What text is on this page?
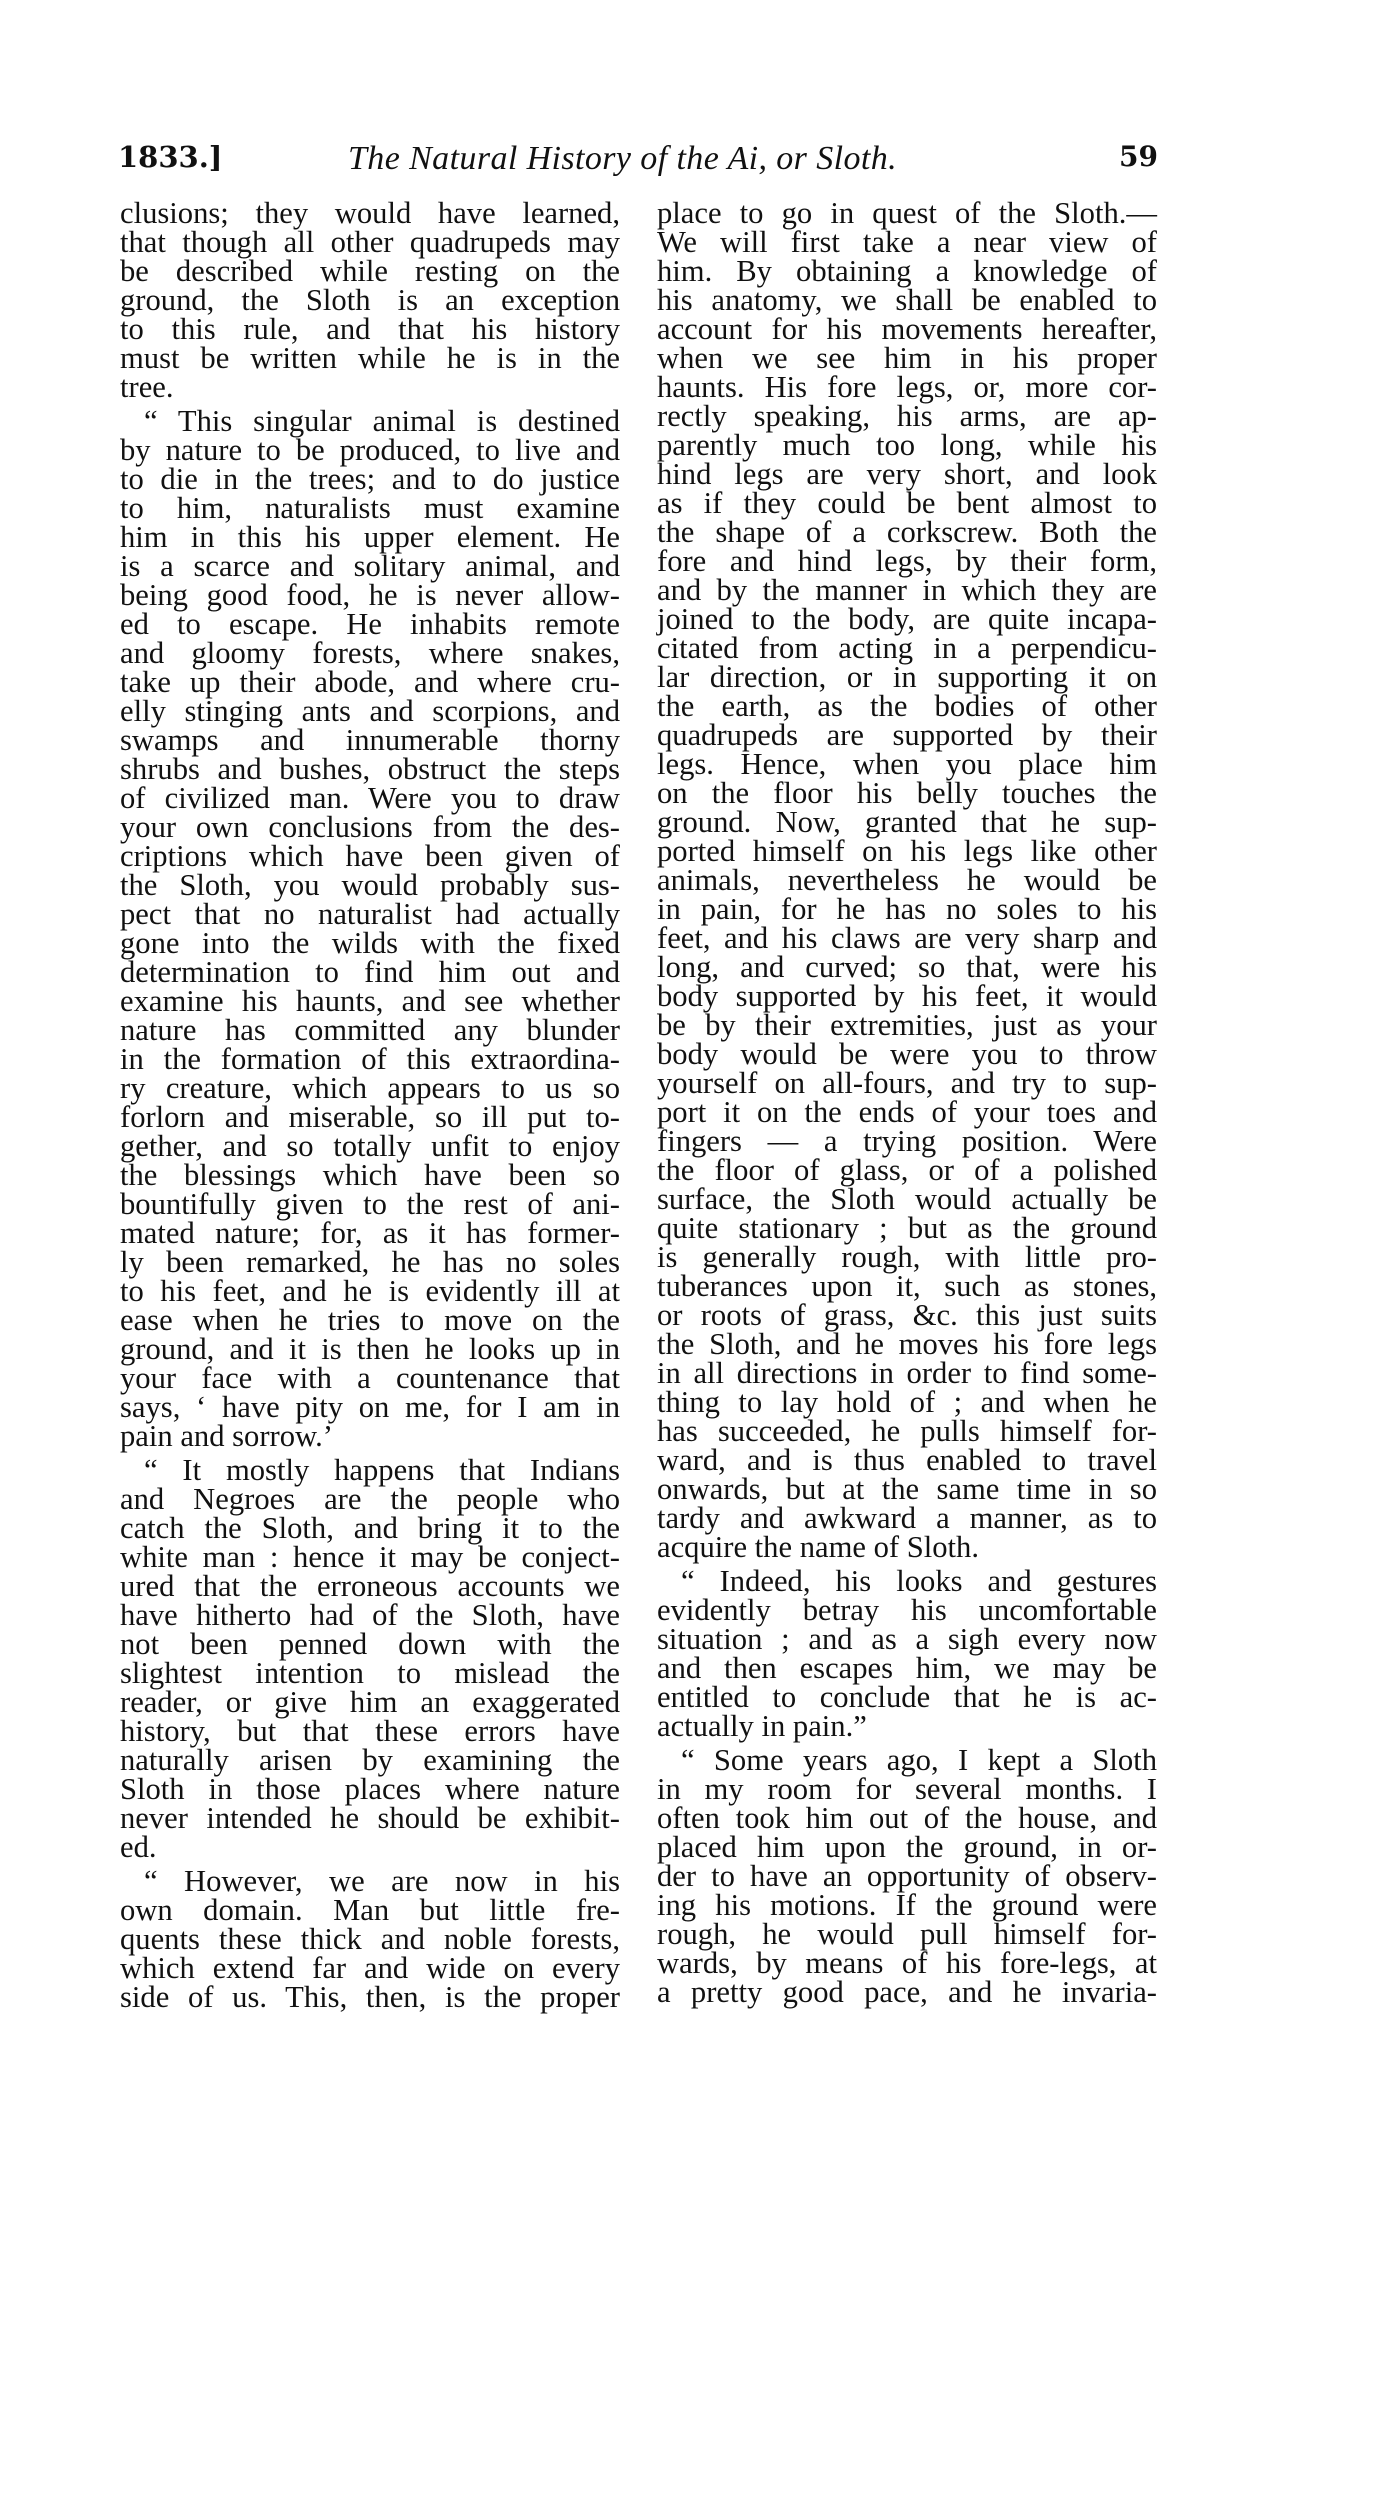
1833.]	The Natural History of the Ai, or Sloth.	59
clusions; they would have learned,
that though all other quadrupeds may
be described while resting on the
ground, the Sloth is an exception
to this rule, and that his history
must be written while he is in the
tree.
“ This singular animal is destined
by nature to be produced, to live and
to die in the trees; and to do justice
to him, naturalists must examine
him in this his upper element. He
is a scarce and solitary animal, and
being good food, he is never allow-
ed to escape. He inhabits remote
and gloomy forests, where snakes,
take up their abode, and where cru-
elly stinging ants and scorpions, and
swamps and innumerable thorny
shrubs and bushes, obstruct the steps
of civilized man. Were you to draw
your own conclusions from the des-
criptions which have been given of
the Sloth, you would probably sus-
pect that no naturalist had actually
gone into the wilds with the fixed
determination to find him out and
examine his haunts, and see whether
nature has committed any blunder
in the formation of this extraordina-
ry creature, which appears to us so
forlorn and miserable, so ill put to-
gether, and so totally unfit to enjoy
the blessings which have been so
bountifully given to the rest of ani-
mated nature; for, as it has former-
ly been remarked, he has no soles
to his feet, and he is evidently ill at
ease when he tries to move on the
ground, and it is then he looks up in
your face with a countenance that
says, ‘ have pity on me, for I am in
pain and sorrow.’
“ It mostly happens that Indians
and Negroes are the people who
catch the Sloth, and bring it to the
white man : hence it may be conject-
ured that the erroneous accounts we
have hitherto had of the Sloth, have
not been penned down with the
slightest intention to mislead the
reader, or give him an exaggerated
history, but that these errors have
naturally arisen by examining the
Sloth in those places where nature
never intended he should be exhibit-
ed.
“ However, we are now in his
own domain. Man but little fre-
quents these thick and noble forests,
which extend far and wide on every
side of us. This, then, is the proper
place to go in quest of the Sloth.—
We will first take a near view of
him. By obtaining a knowledge of
his anatomy, we shall be enabled to
account for his movements hereafter,
when we see him in his proper
haunts. His fore legs, or, more cor-
rectly speaking, his arms, are ap-
parently much too long, while his
hind legs are very short, and look
as if they could be bent almost to
the shape of a corkscrew. Both the
fore and hind legs, by their form,
and by the manner in which they are
joined to the body, are quite incapa-
citated from acting in a perpendicu-
lar direction, or in supporting it on
the earth, as the bodies of other
quadrupeds are supported by their
legs. Hence, when you place him
on the floor his belly touches the
ground. Now, granted that he sup-
ported himself on his legs like other
animals, nevertheless he would be
in pain, for he has no soles to his
feet, and his claws are very sharp and
long, and curved; so that, were his
body supported by his feet, it would
be by their extremities, just as your
body would be were you to throw
yourself on all-fours, and try to sup-
port it on the ends of your toes and
fingers — a trying position. Were
the floor of glass, or of a polished
surface, the Sloth would actually be
quite stationary ; but as the ground
is generally rough, with little pro-
tuberances upon it, such as stones,
or roots of grass, &c. this just suits
the Sloth, and he moves his fore legs
in all directions in order to find some-
thing to lay hold of ; and when he
has succeeded, he pulls himself for-
ward, and is thus enabled to travel
onwards, but at the same time in so
tardy and awkward a manner, as to
acquire the name of Sloth.
“ Indeed, his looks and gestures
evidently betray his uncomfortable
situation ; and as a sigh every now
and then escapes him, we may be
entitled to conclude that he is ac-
actually in pain.”
“ Some years ago, I kept a Sloth
in my room for several months. I
often took him out of the house, and
placed him upon the ground, in or-
der to have an opportunity of observ-
ing his motions. If the ground were
rough, he would pull himself for-
wards, by means of his fore-legs, at
a pretty good pace, and he invaria-
